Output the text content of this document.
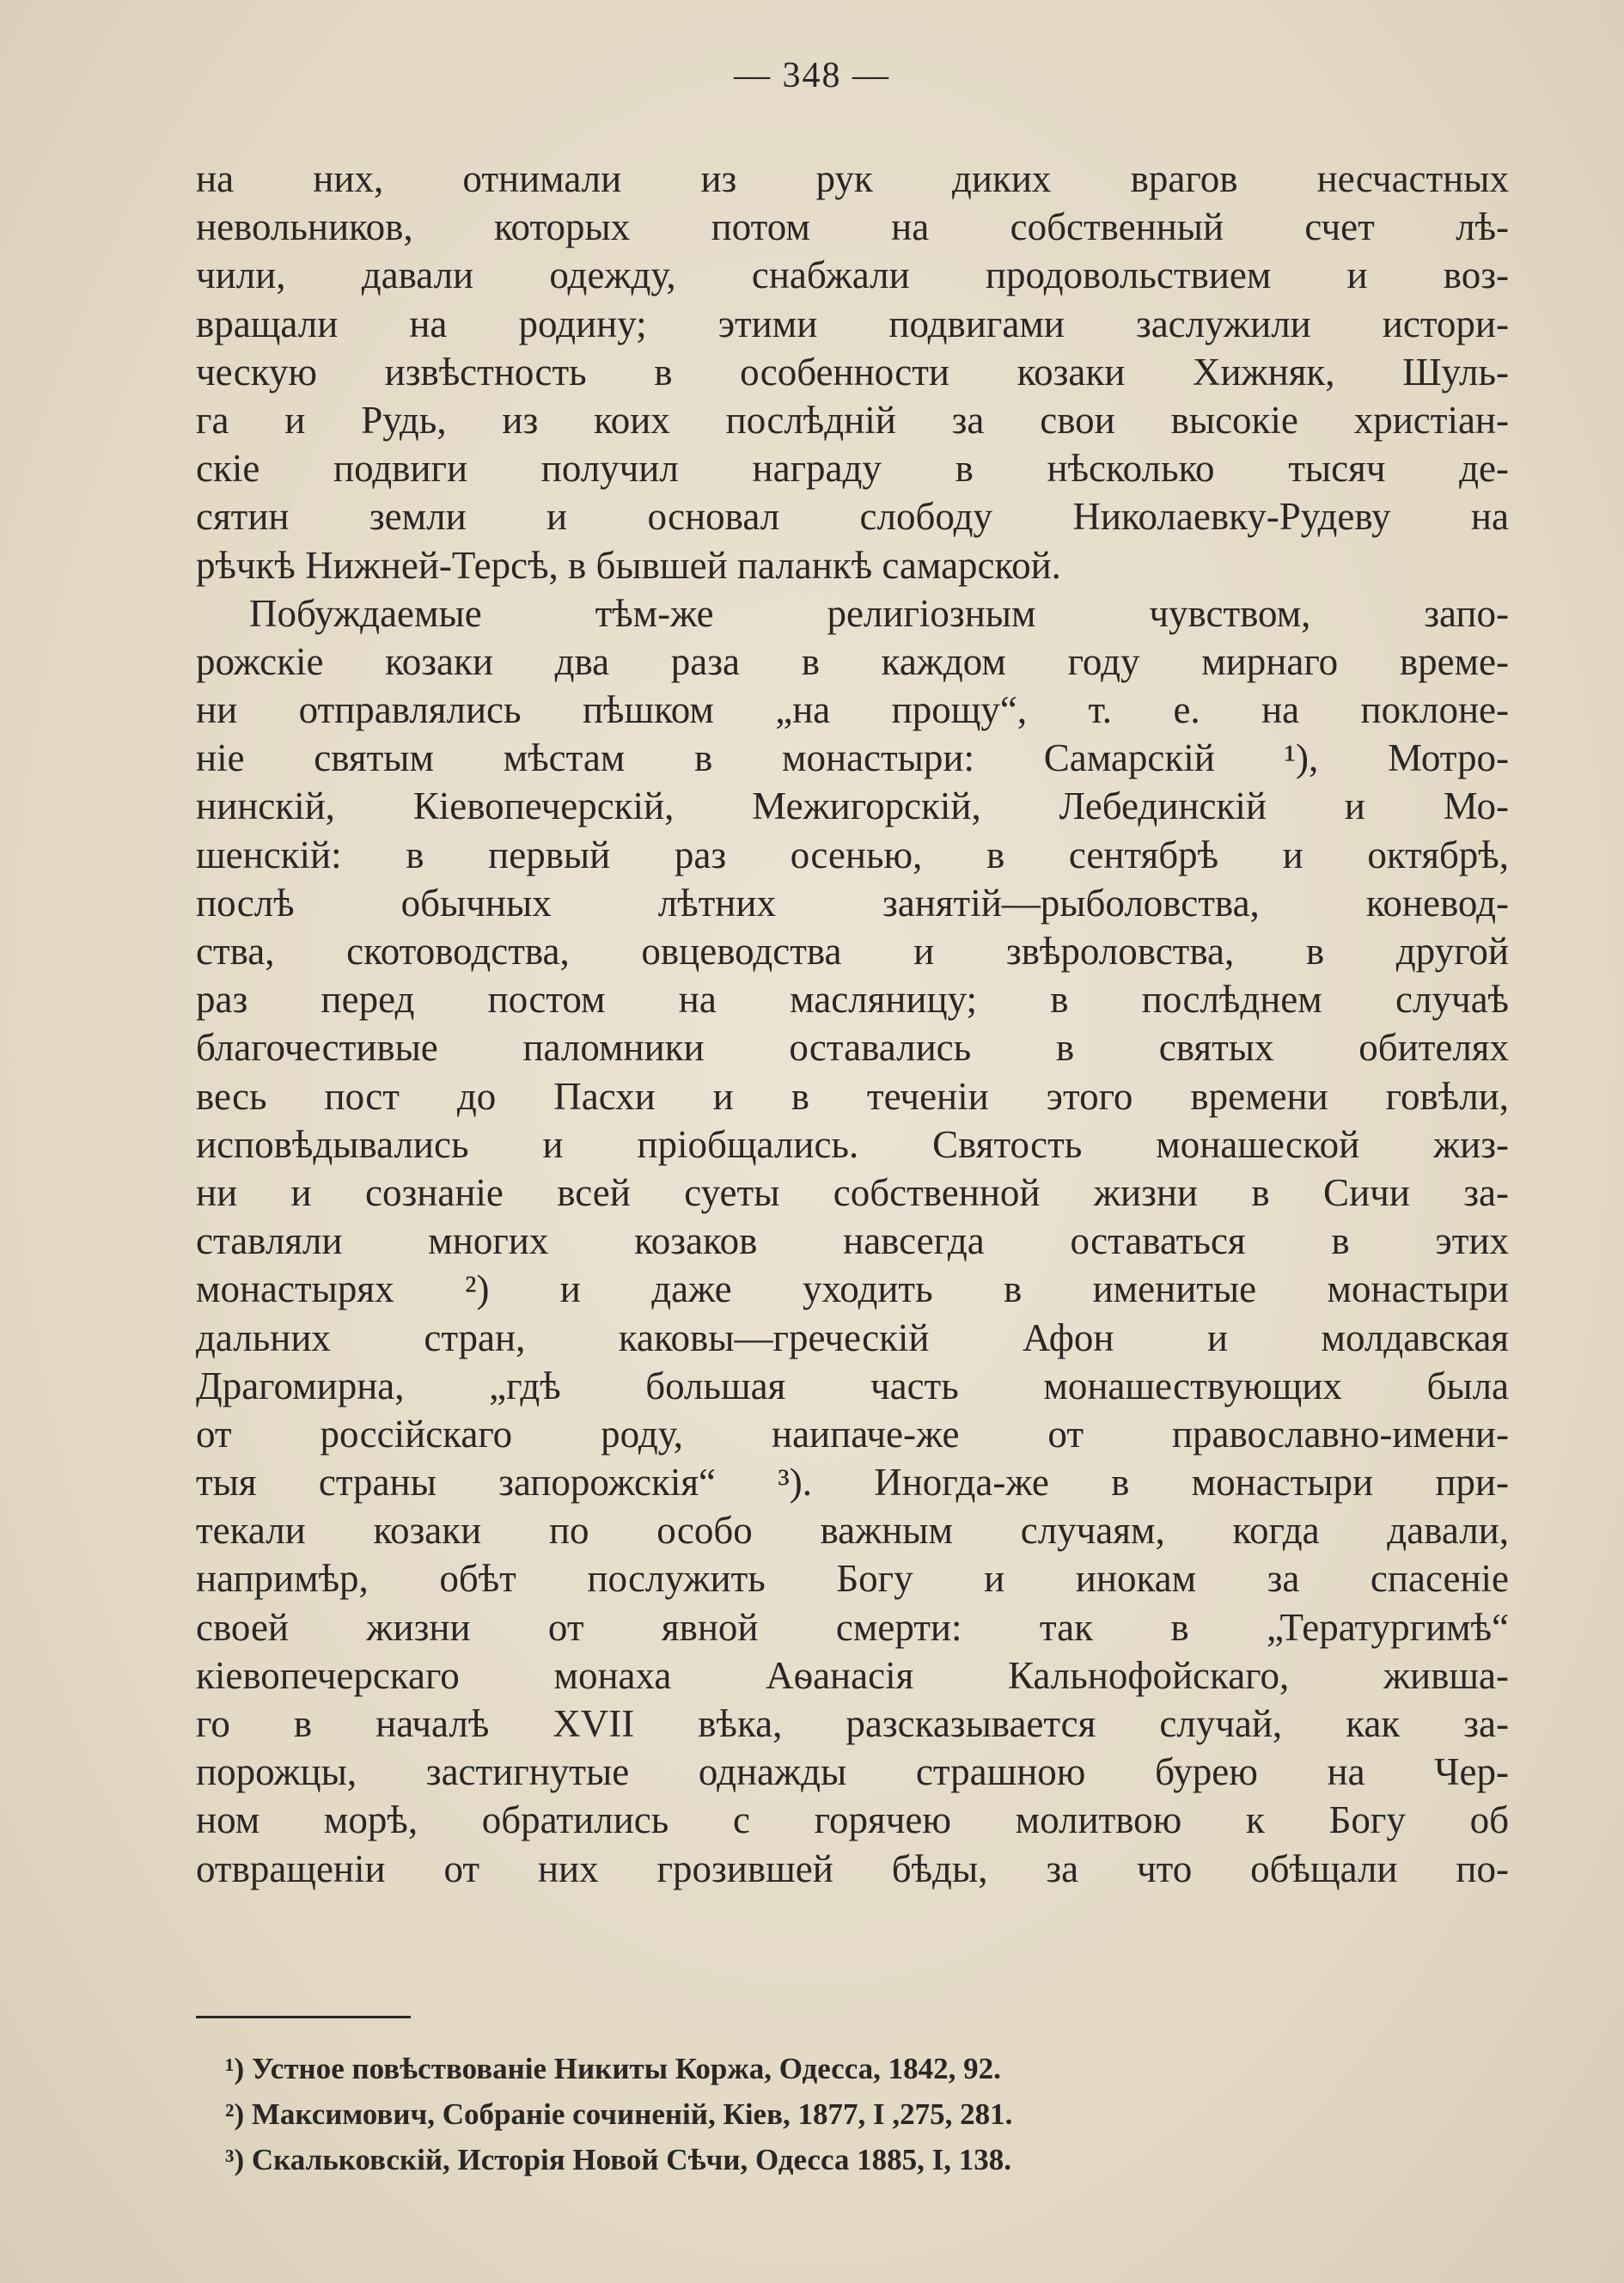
— 348 —
на них, отнимали из рук диких врагов несчастных
невольников, которых потом на собственный счет лѣ-
чили, давали одежду, снабжали продовольствием и воз-
вращали на родину; этими подвигами заслужили истори-
ческую извѣстность в особенности козаки Хижняк, Шуль-
га и Рудь, из коих послѣдній за свои высокіе христіан-
скіе подвиги получил награду в нѣсколько тысяч де-
сятин земли и основал слободу Николаевку-Рудеву на
рѣчкѣ Нижней-Терсѣ, в бывшей паланкѣ самарской.
Побуждаемые тѣм-же религіозным чувством, запо-
рожскіе козаки два раза в каждом году мирнаго време-
ни отправлялись пѣшком „на прощу“, т. е. на поклоне-
ніе святым мѣстам в монастыри: Самарскій ¹), Мотро-
нинскій, Кіевопечерскій, Межигорскій, Лебединскій и Мо-
шенскій: в первый раз осенью, в сентябрѣ и октябрѣ,
послѣ обычных лѣтних занятій—рыболовства, коневод-
ства, скотоводства, овцеводства и звѣроловства, в другой
раз перед постом на масляницу; в послѣднем случаѣ
благочестивые паломники оставались в святых обителях
весь пост до Пасхи и в теченіи этого времени говѣли,
исповѣдывались и пріобщались. Святость монашеской жиз-
ни и сознаніе всей суеты собственной жизни в Сичи за-
ставляли многих козаков навсегда оставаться в этих
монастырях ²) и даже уходить в именитые монастыри
дальних стран, каковы—греческій Афон и молдавская
Драгомирна, „гдѣ большая часть монашествующих была
от россійскаго роду, наипаче-же от православно-имени-
тыя страны запорожскія“ ³). Иногда-же в монастыри при-
текали козаки по особо важным случаям, когда давали,
напримѣр, обѣт послужить Богу и инокам за спасеніе
своей жизни от явной смерти: так в „Тератургимѣ“
кіевопечерскаго монаха Аѳанасія Кальнофойскаго, живша-
го в началѣ XVII вѣка, разсказывается случай, как за-
порожцы, застигнутые однажды страшною бурею на Чер-
ном морѣ, обратились с горячею молитвою к Богу об
отвращеніи от них грозившей бѣды, за что обѣщали по-
¹) Устное повѣствованіе Никиты Коржа, Одесса, 1842, 92.
²) Максимович, Собраніе сочиненій, Кіев, 1877, I ,275, 281.
³) Скальковскій, Исторія Новой Сѣчи, Одесса 1885, I, 138.
